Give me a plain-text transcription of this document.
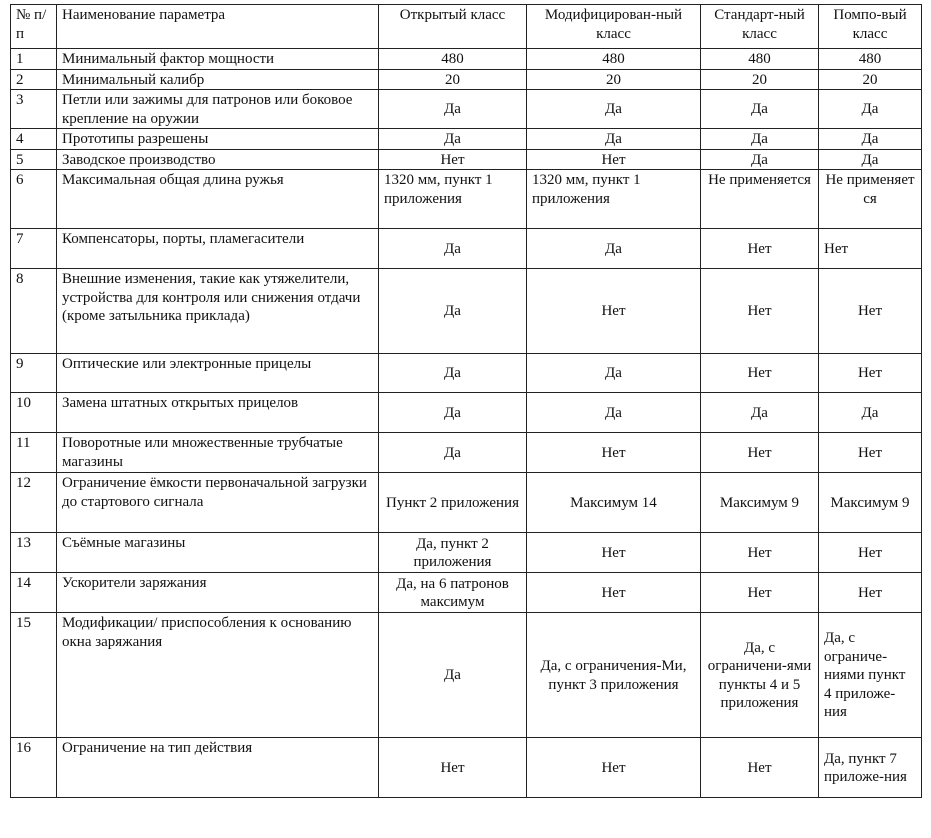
№ п/п	Наименование параметра	Открытый класс	Модифицирован-ный класс	Стандарт-ный класс	Помпо-вый класс
1	Минимальный фактор мощности	480	480	480	480
2	Минимальный калибр	20	20	20	20
3	Петли или зажимы для патронов или боковое крепление на оружии	Да	Да	Да	Да
4	Прототипы разрешены	Да	Да	Да	Да
5	Заводское производство	Нет	Нет	Да	Да
6	Максимальная общая длина ружья	1320 мм, пункт 1 приложения	1320 мм, пункт 1 приложения	Не применяется	Не применяет ся
7	Компенсаторы, порты, пламегасители	Да	Да	Нет	Нет
8	Внешние изменения, такие как утяжелители, устройства для контроля или снижения отдачи (кроме затыльника приклада)	Да	Нет	Нет	Нет
9	Оптические или электронные прицелы	Да	Да	Нет	Нет
10	Замена штатных открытых прицелов	Да	Да	Да	Да
11	Поворотные или множественные трубчатые магазины	Да	Нет	Нет	Нет
12	Ограничение ёмкости первоначальной загрузки до стартового сигнала	Пункт 2 приложения	Максимум 14	Максимум 9	Максимум 9
13	Съёмные магазины	Да, пункт 2 приложения	Нет	Нет	Нет
14	Ускорители заряжания	Да, на 6 патронов максимум	Нет	Нет	Нет
15	Модификации/ приспособления к основанию окна заряжания	Да	Да, с ограничения-Ми, пункт 3 приложения	Да, с ограничени-ями пункты 4 и 5 приложения	Да, с ограниче-ниями пункт 4 приложе-ния
16	Ограничение на тип действия	Нет	Нет	Нет	Да, пункт 7 приложе-ния
